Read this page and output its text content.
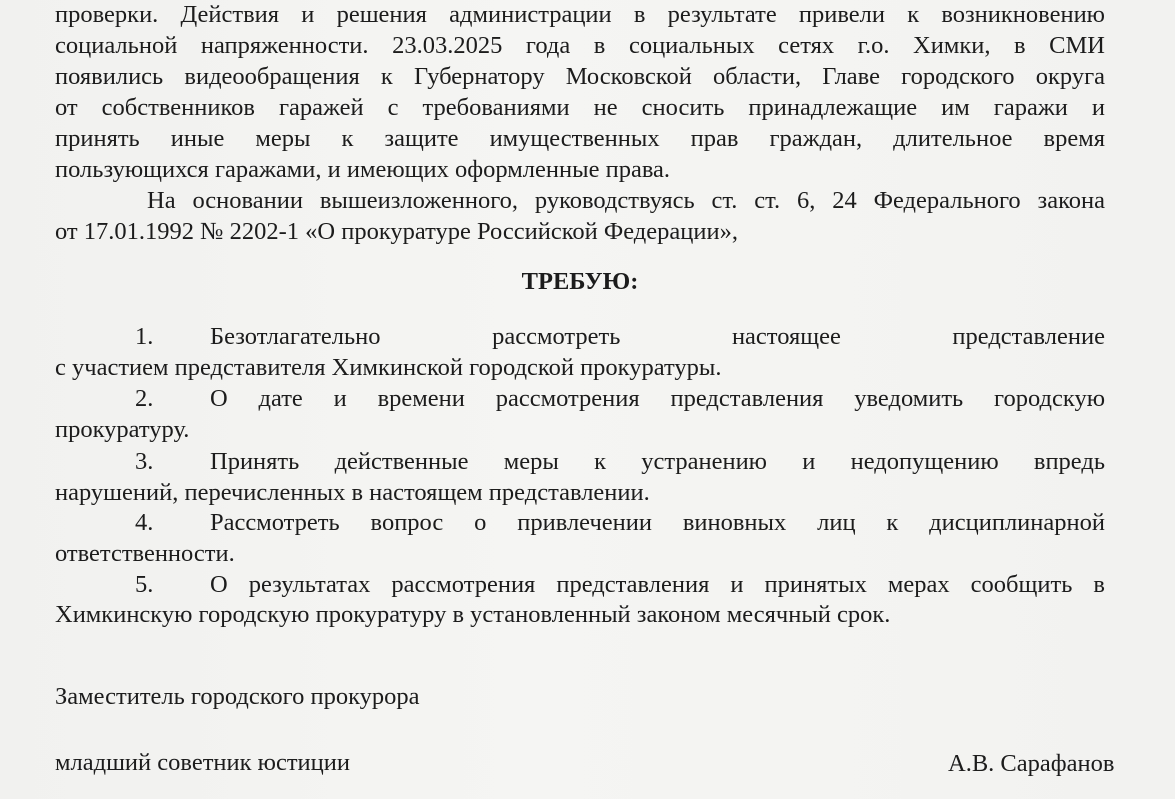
проверки. Действия и решения администрации в результате привели к возникновению
социальной напряженности. 23.03.2025 года в социальных сетях г.о. Химки, в СМИ
появились видеообращения к Губернатору Московской области, Главе городского округа
от собственников гаражей с требованиями не сносить принадлежащие им гаражи и
принять иные меры к защите имущественных прав граждан, длительное время
пользующихся гаражами, и имеющих оформленные права.
На основании вышеизложенного, руководствуясь ст. ст. 6, 24 Федерального закона
от 17.01.1992 № 2202-1 «О прокуратуре Российской Федерации»,
ТРЕБУЮ:
1.	Безотлагательно рассмотреть настоящее представление
с участием представителя Химкинской городской прокуратуры.
2.	О дате и времени рассмотрения представления уведомить городскую
прокуратуру.
3.	Принять действенные меры к устранению и недопущению впредь
нарушений, перечисленных в настоящем представлении.
4.	Рассмотреть вопрос о привлечении виновных лиц к дисциплинарной
ответственности.
5.	О результатах рассмотрения представления и принятых мерах сообщить в
Химкинскую городскую прокуратуру в установленный законом месячный срок.
Заместитель городского прокурора
младший советник юстиции	А.В. Сарафанов
